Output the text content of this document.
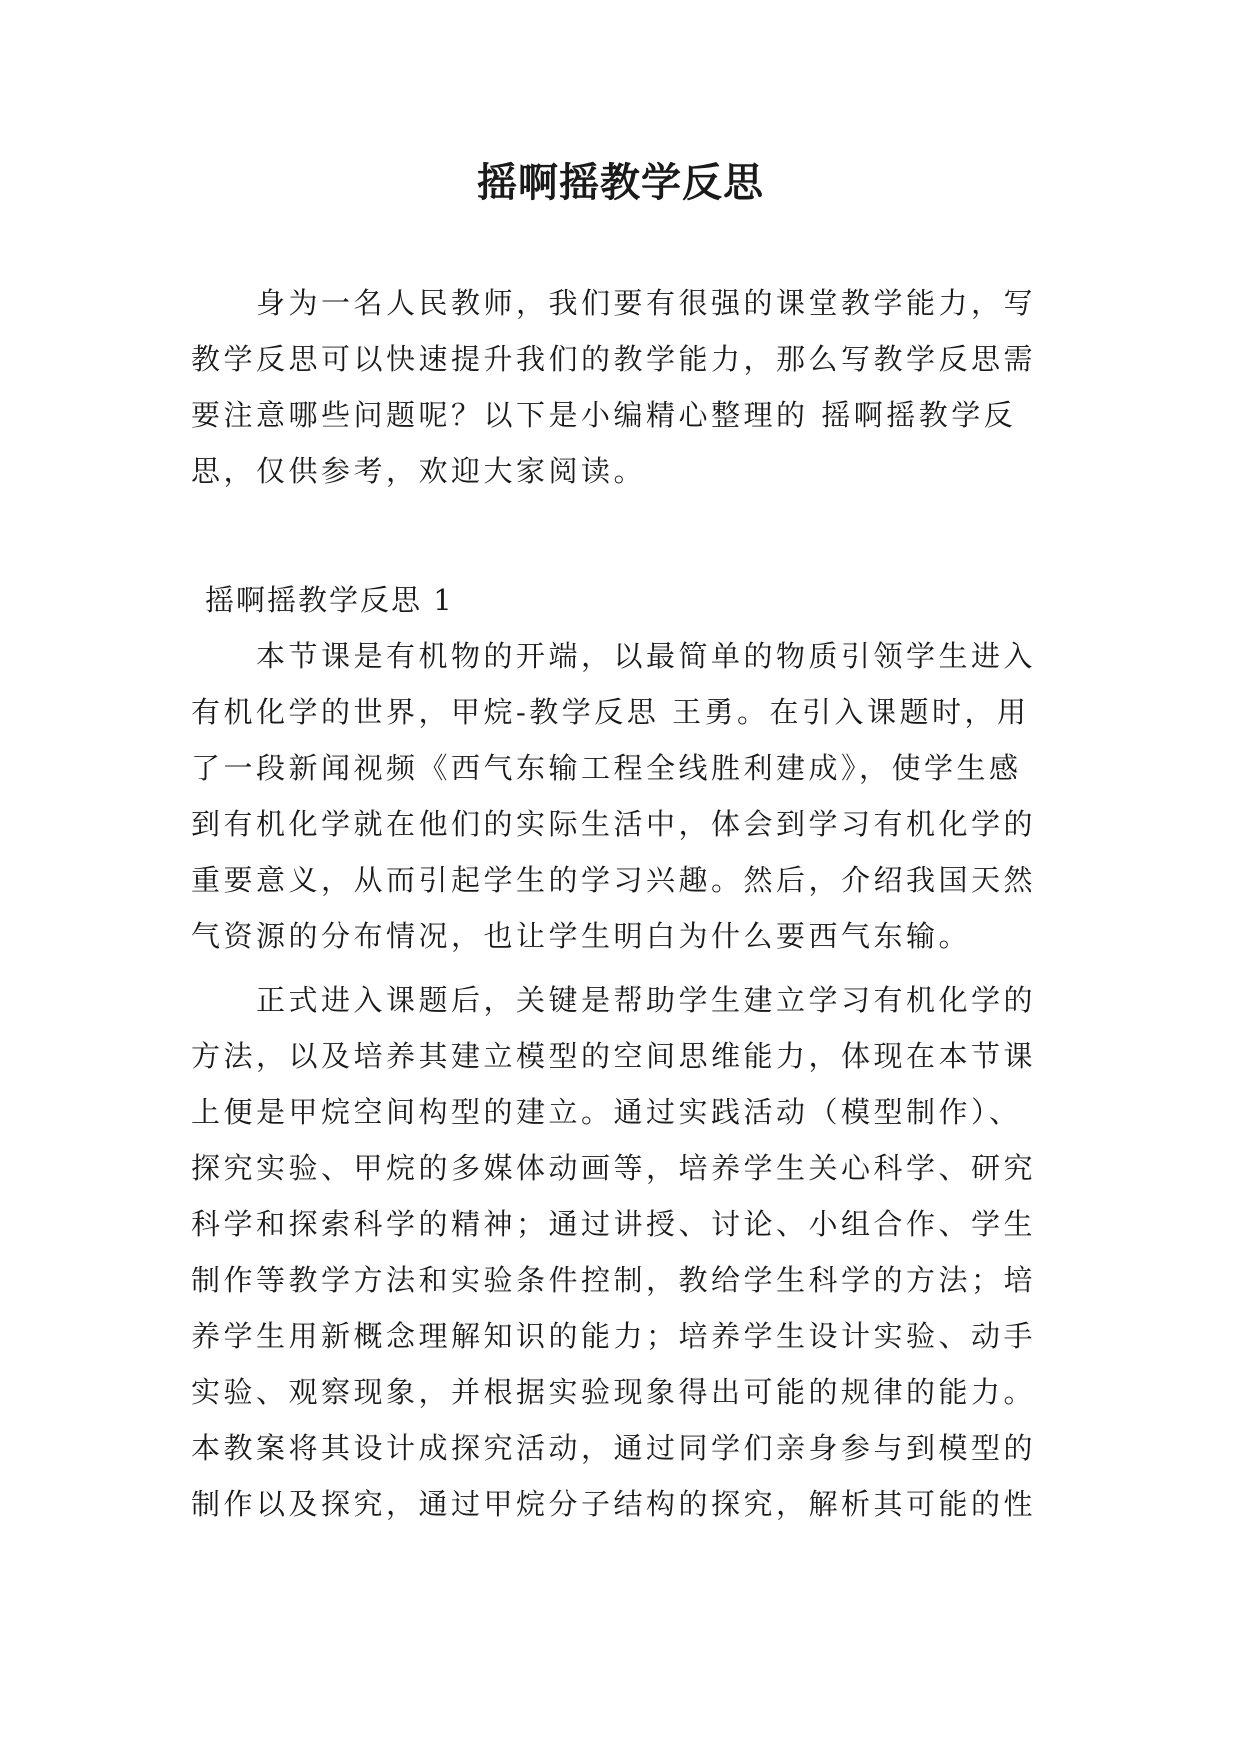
摇啊摇教学反思
身为一名人民教师，我们要有很强的课堂教学能力，写
教学反思可以快速提升我们的教学能力，那么写教学反思需
要注意哪些问题呢？以下是小编精心整理的 摇啊摇教学反
思，仅供参考，欢迎大家阅读。
摇啊摇教学反思 1
本节课是有机物的开端，以最简单的物质引领学生进入
有机化学的世界，甲烷-教学反思 王勇。在引入课题时，用
了一段新闻视频《西气东输工程全线胜利建成》，使学生感
到有机化学就在他们的实际生活中，体会到学习有机化学的
重要意义，从而引起学生的学习兴趣。然后，介绍我国天然
气资源的分布情况，也让学生明白为什么要西气东输。
正式进入课题后，关键是帮助学生建立学习有机化学的
方法，以及培养其建立模型的空间思维能力，体现在本节课
上便是甲烷空间构型的建立。通过实践活动（模型制作）、
探究实验、甲烷的多媒体动画等，培养学生关心科学、研究
科学和探索科学的精神；通过讲授、讨论、小组合作、学生
制作等教学方法和实验条件控制，教给学生科学的方法；培
养学生用新概念理解知识的能力；培养学生设计实验、动手
实验、观察现象，并根据实验现象得出可能的规律的能力。
本教案将其设计成探究活动，通过同学们亲身参与到模型的
制作以及探究，通过甲烷分子结构的探究，解析其可能的性
